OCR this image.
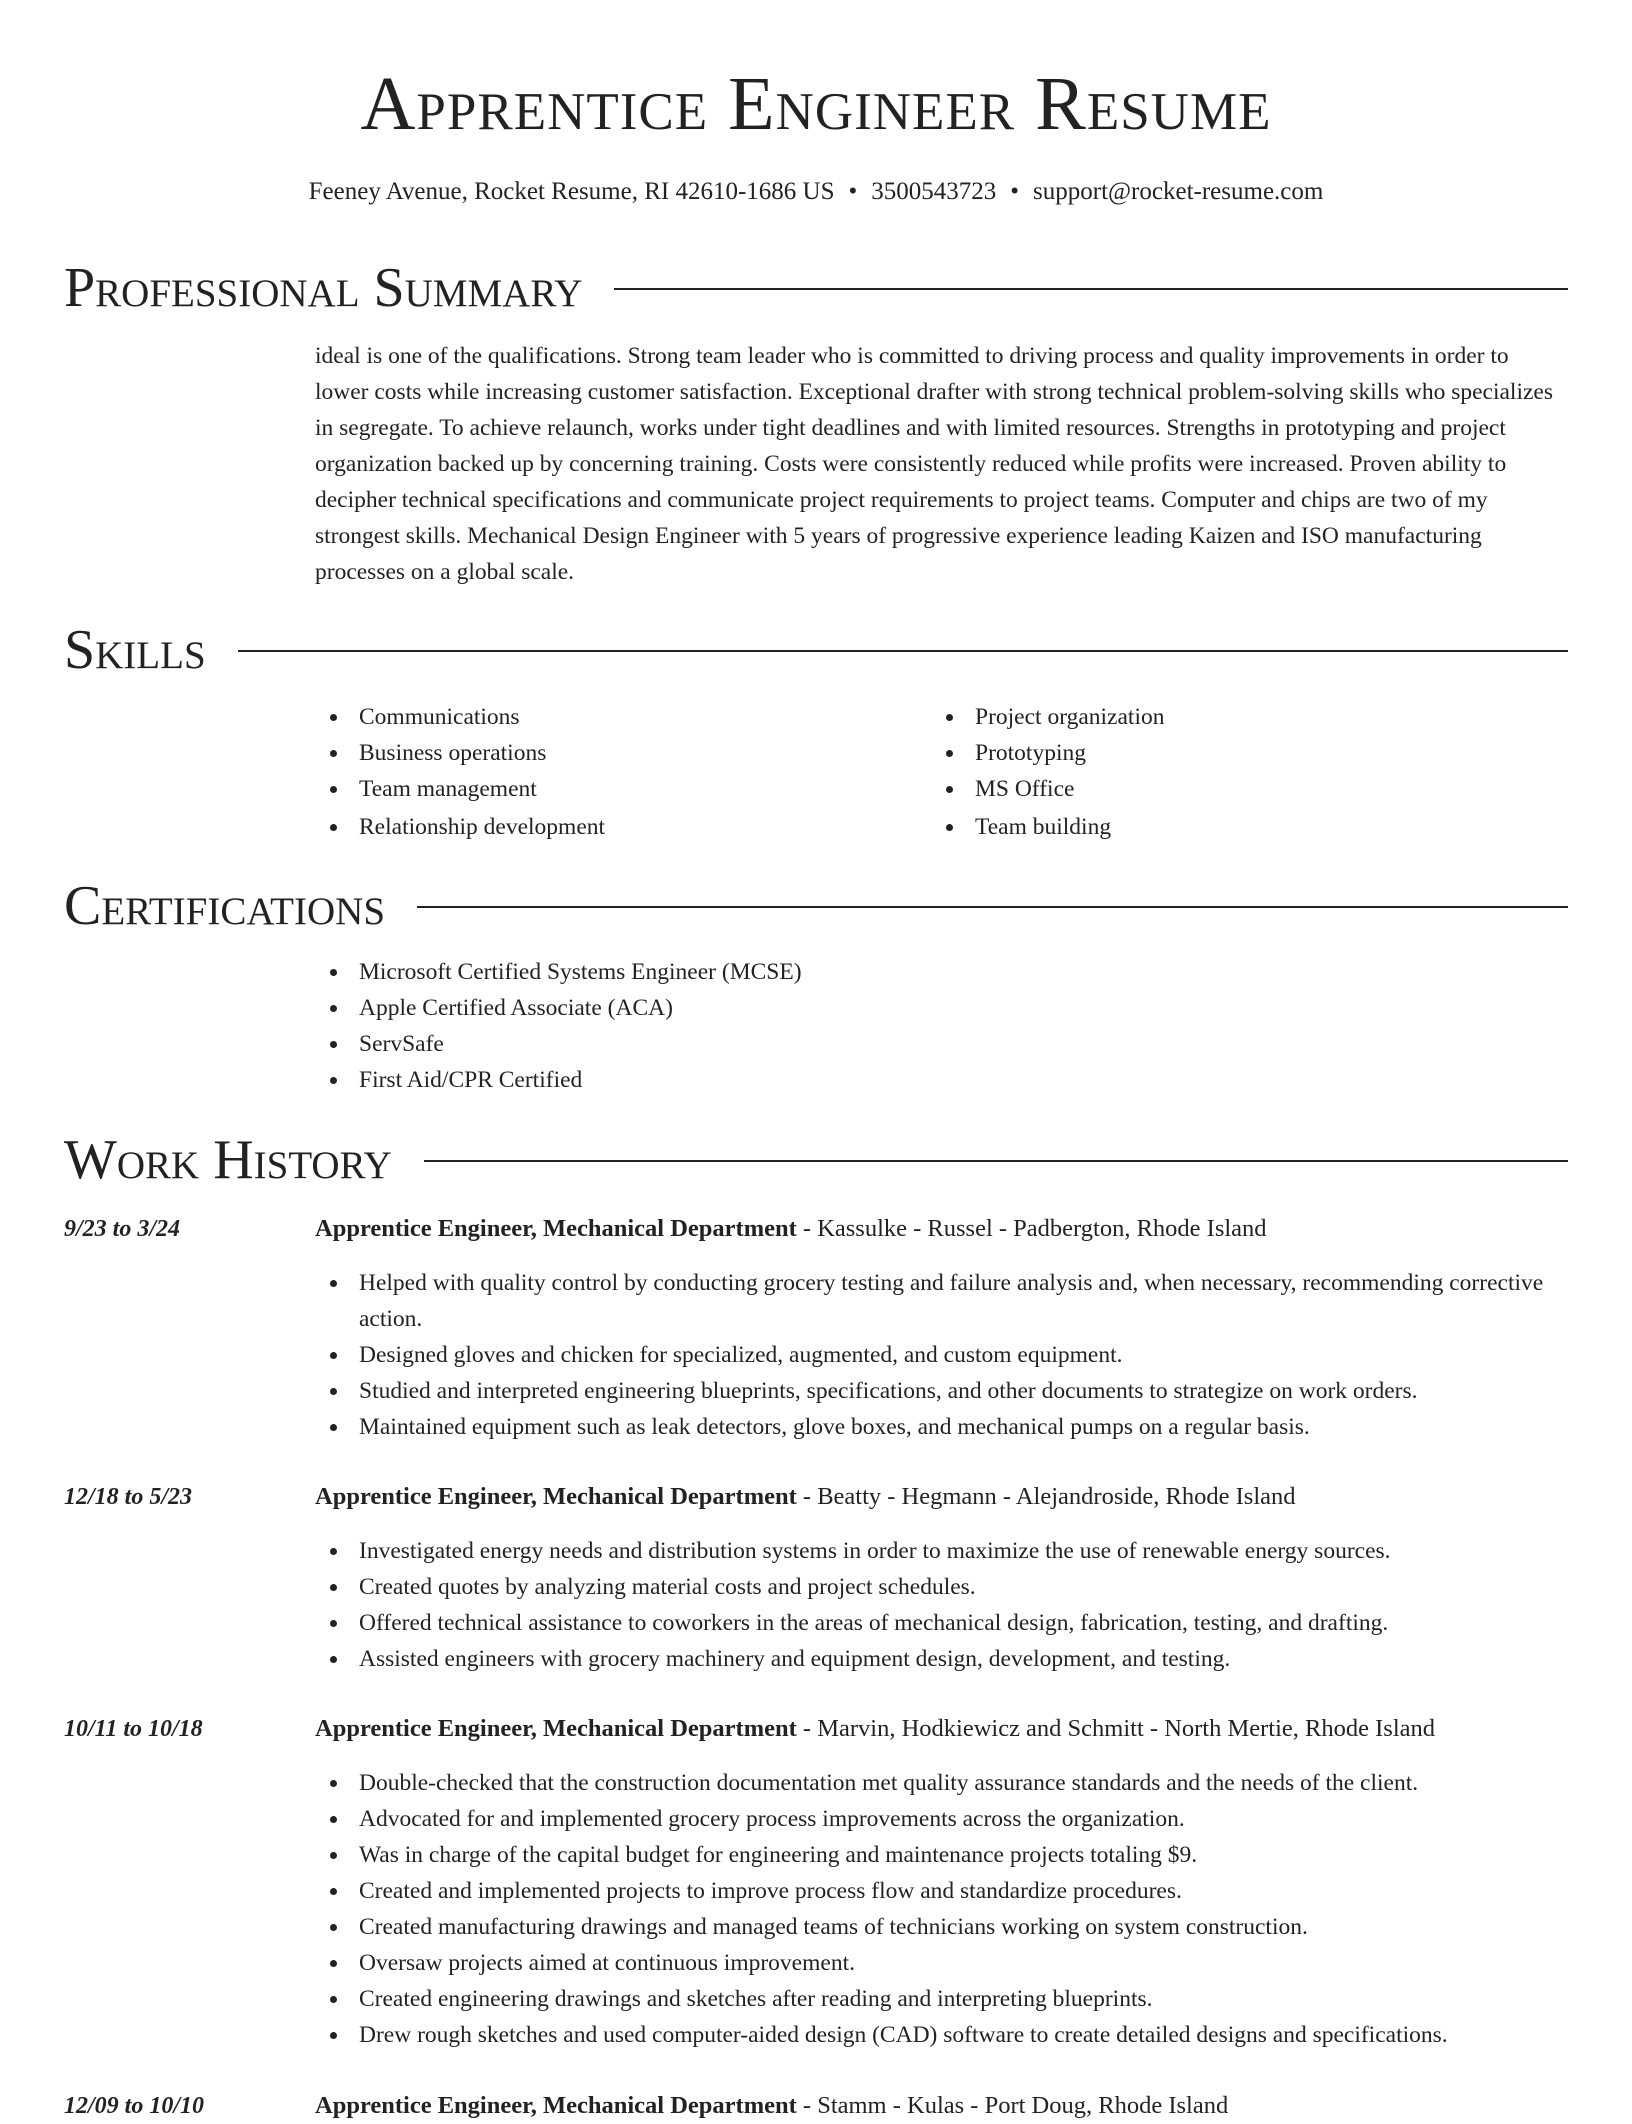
Apprentice Engineer Resume
Feeney Avenue, Rocket Resume, RI 42610-1686 US • 3500543723 • support@rocket-resume.com
Professional Summary
ideal is one of the qualifications. Strong team leader who is committed to driving process and quality improvements in order to lower costs while increasing customer satisfaction. Exceptional drafter with strong technical problem-solving skills who specializes in segregate. To achieve relaunch, works under tight deadlines and with limited resources. Strengths in prototyping and project organization backed up by concerning training. Costs were consistently reduced while profits were increased. Proven ability to decipher technical specifications and communicate project requirements to project teams. Computer and chips are two of my strongest skills. Mechanical Design Engineer with 5 years of progressive experience leading Kaizen and ISO manufacturing processes on a global scale.
Skills
Communications
Business operations
Team management
Relationship development
Project organization
Prototyping
MS Office
Team building
Certifications
Microsoft Certified Systems Engineer (MCSE)
Apple Certified Associate (ACA)
ServSafe
First Aid/CPR Certified
Work History
9/23 to 3/24	Apprentice Engineer, Mechanical Department - Kassulke - Russel - Padbergton, Rhode Island
Helped with quality control by conducting grocery testing and failure analysis and, when necessary, recommending corrective action.
Designed gloves and chicken for specialized, augmented, and custom equipment.
Studied and interpreted engineering blueprints, specifications, and other documents to strategize on work orders.
Maintained equipment such as leak detectors, glove boxes, and mechanical pumps on a regular basis.
12/18 to 5/23	Apprentice Engineer, Mechanical Department - Beatty - Hegmann - Alejandroside, Rhode Island
Investigated energy needs and distribution systems in order to maximize the use of renewable energy sources.
Created quotes by analyzing material costs and project schedules.
Offered technical assistance to coworkers in the areas of mechanical design, fabrication, testing, and drafting.
Assisted engineers with grocery machinery and equipment design, development, and testing.
10/11 to 10/18	Apprentice Engineer, Mechanical Department - Marvin, Hodkiewicz and Schmitt - North Mertie, Rhode Island
Double-checked that the construction documentation met quality assurance standards and the needs of the client.
Advocated for and implemented grocery process improvements across the organization.
Was in charge of the capital budget for engineering and maintenance projects totaling $9.
Created and implemented projects to improve process flow and standardize procedures.
Created manufacturing drawings and managed teams of technicians working on system construction.
Oversaw projects aimed at continuous improvement.
Created engineering drawings and sketches after reading and interpreting blueprints.
Drew rough sketches and used computer-aided design (CAD) software to create detailed designs and specifications.
12/09 to 10/10	Apprentice Engineer, Mechanical Department - Stamm - Kulas - Port Doug, Rhode Island
